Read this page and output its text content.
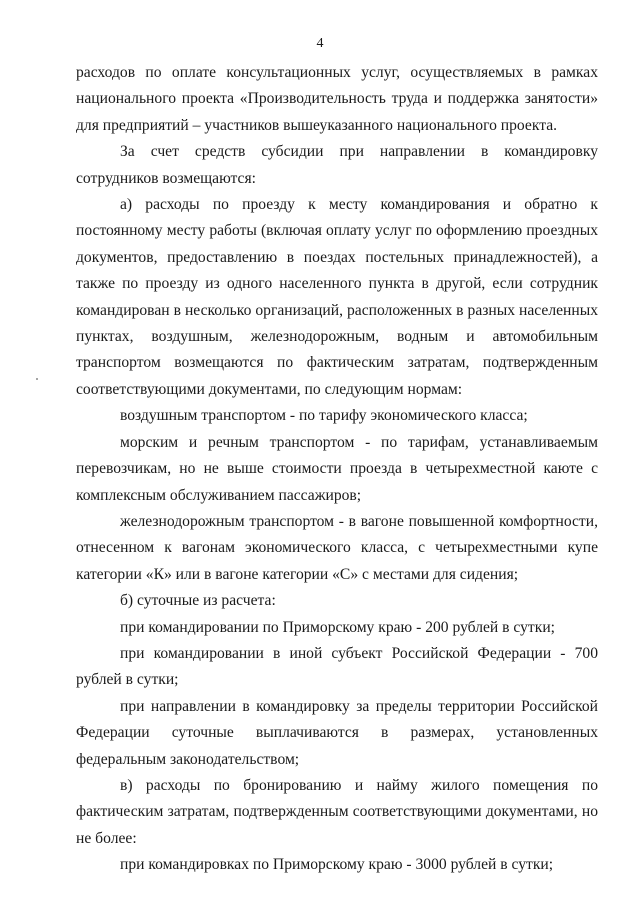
4

расходов по оплате консультационных услуг, осуществляемых в рамках национального проекта «Производительность труда и поддержка занятости» для предприятий – участников вышеуказанного национального проекта.

За счет средств субсидии при направлении в командировку сотрудников возмещаются:

а) расходы по проезду к месту командирования и обратно к постоянному месту работы (включая оплату услуг по оформлению проездных документов, предоставлению в поездах постельных принадлежностей), а также по проезду из одного населенного пункта в другой, если сотрудник командирован в несколько организаций, расположенных в разных населенных пунктах, воздушным, железнодорожным, водным и автомобильным транспортом возмещаются по фактическим затратам, подтвержденным соответствующими документами, по следующим нормам:

воздушным транспортом - по тарифу экономического класса;

морским и речным транспортом - по тарифам, устанавливаемым перевозчикам, но не выше стоимости проезда в четырехместной каюте с комплексным обслуживанием пассажиров;

железнодорожным транспортом - в вагоне повышенной комфортности, отнесенном к вагонам экономического класса, с четырехместными купе категории «К» или в вагоне категории «С» с местами для сидения;

б) суточные из расчета:

при командировании по Приморскому краю - 200 рублей в сутки;

при командировании в иной субъект Российской Федерации - 700 рублей в сутки;

при направлении в командировку за пределы территории Российской Федерации суточные выплачиваются в размерах, установленных федеральным законодательством;

в) расходы по бронированию и найму жилого помещения по фактическим затратам, подтвержденным соответствующими документами, но не более:

при командировках по Приморскому краю - 3000 рублей в сутки;
